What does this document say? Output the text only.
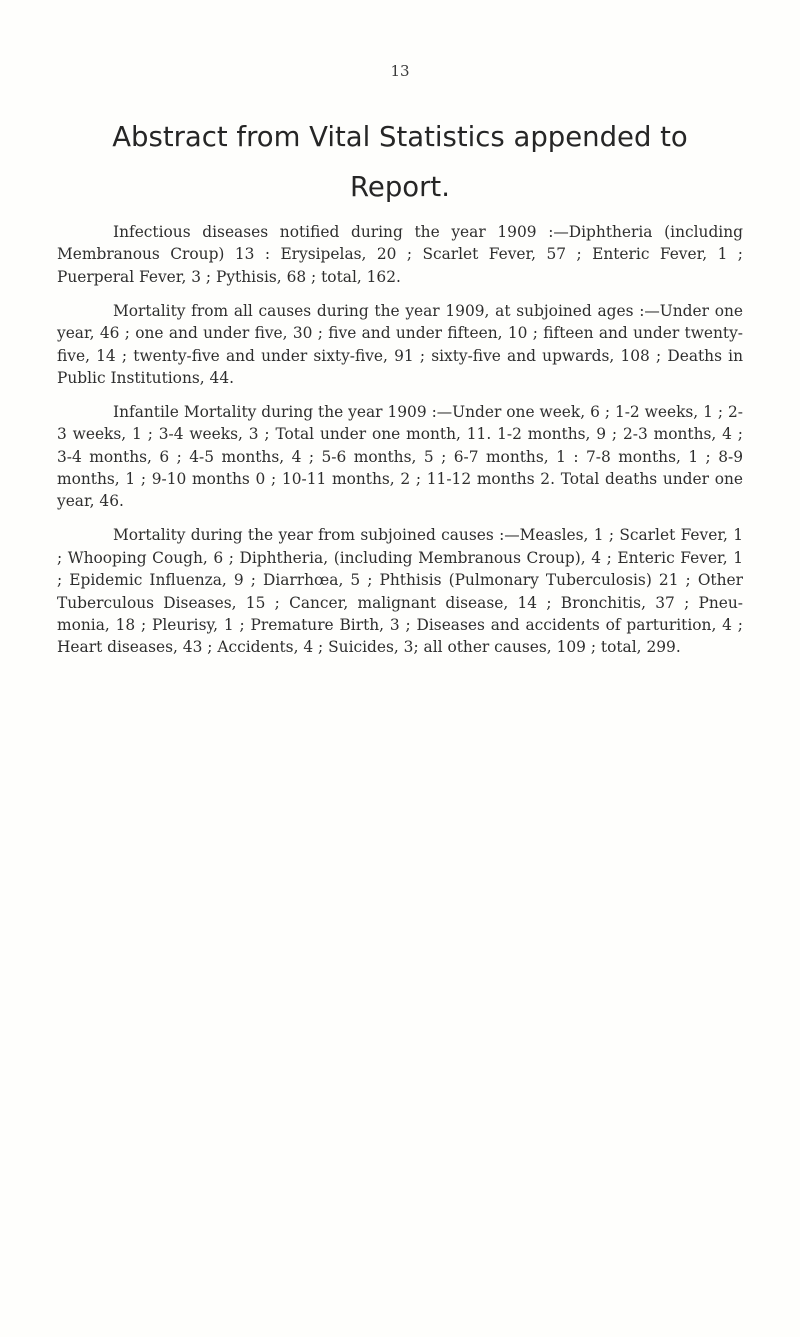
13
Abstract from Vital Statistics appended to Report.

Infectious diseases notified during the year 1909 :—Diphtheria (including Membranous Croup) 13 : Erysipelas, 20 ; Scarlet Fever, 57 ; Enteric Fever, 1 ; Puerperal Fever, 3 ; Pythisis, 68 ; total, 162.

Mortality from all causes during the year 1909, at subjoined ages :—Under one year, 46 ; one and under five, 30 ; five and under fifteen, 10 ; fifteen and under twenty-five, 14 ; twenty-five and under sixty-five, 91 ; sixty-five and upwards, 108 ; Deaths in Public Institutions, 44.

Infantile Mortality during the year 1909 :—Under one week, 6 ; 1-2 weeks, 1 ; 2-3 weeks, 1 ; 3-4 weeks, 3 ; Total under one month, 11. 1-2 months, 9 ; 2-3 months, 4 ; 3-4 months, 6 ; 4-5 months, 4 ; 5-6 months, 5 ; 6-7 months, 1 : 7-8 months, 1 ; 8-9 months, 1 ; 9-10 months 0 ; 10-11 months, 2 ; 11-12 months 2. Total deaths under one year, 46.

Mortality during the year from subjoined causes :—Measles, 1 ; Scarlet Fever, 1 ; Whooping Cough, 6 ; Diphtheria, (including Membranous Croup), 4 ; Enteric Fever, 1 ; Epidemic Influenza, 9 ; Diarrhœa, 5 ; Phthisis (Pulmonary Tuberculosis) 21 ; Other Tuberculous Diseases, 15 ; Cancer, malignant disease, 14 ; Bronchitis, 37 ; Pneu-monia, 18 ; Pleurisy, 1 ; Premature Birth, 3 ; Diseases and accidents of parturition, 4 ; Heart diseases, 43 ; Accidents, 4 ; Suicides, 3; all other causes, 109 ; total, 299.
